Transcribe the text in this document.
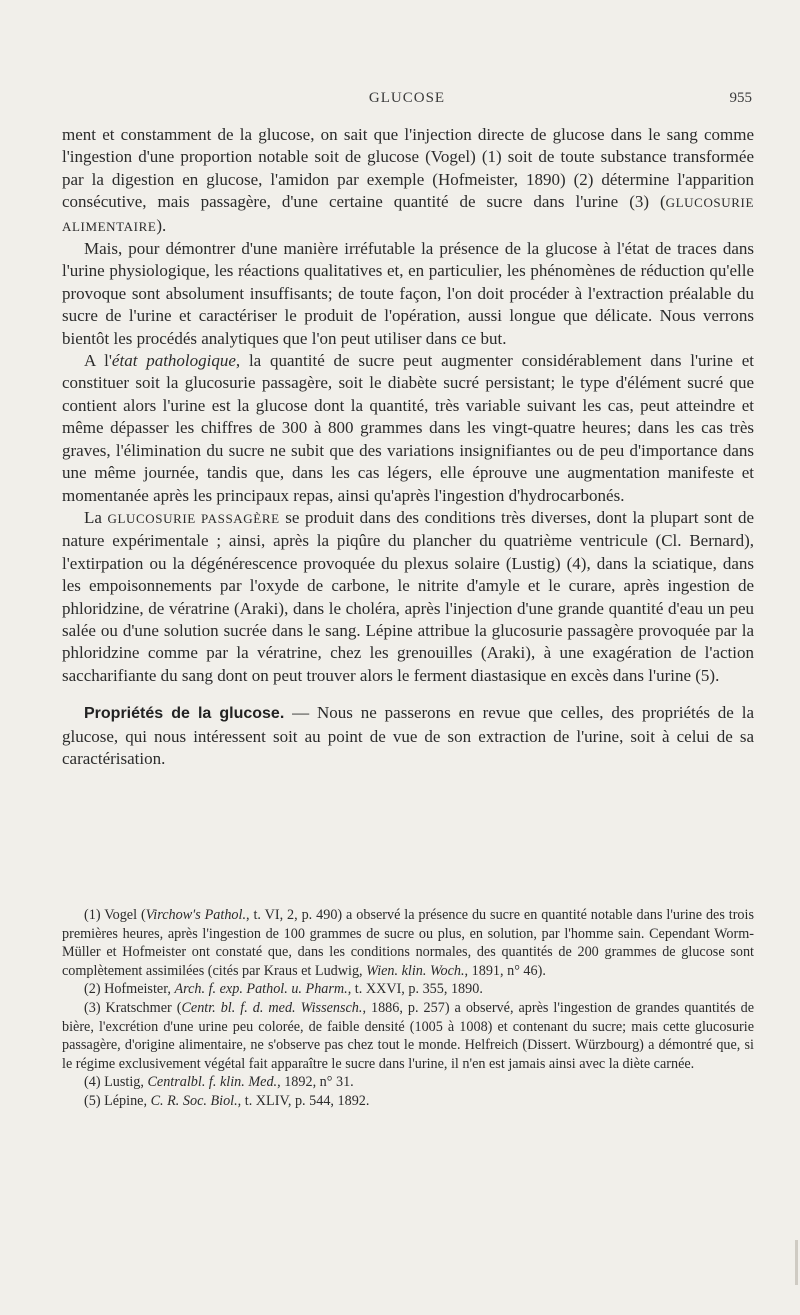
GLUCOSE	955

ment et constamment de la glucose, on sait que l'injection directe de glucose dans le sang comme l'ingestion d'une proportion notable soit de glucose (Vogel) (1) soit de toute substance transformée par la digestion en glucose, l'amidon par exemple (Hofmeister, 1890) (2) détermine l'apparition consécutive, mais passagère, d'une certaine quantité de sucre dans l'urine (3) (GLUCOSURIE ALIMENTAIRE).

Mais, pour démontrer d'une manière irréfutable la présence de la glucose à l'état de traces dans l'urine physiologique, les réactions qualitatives et, en particulier, les phénomènes de réduction qu'elle provoque sont absolument insuffisants; de toute façon, l'on doit procéder à l'extraction préalable du sucre de l'urine et caractériser le produit de l'opération, aussi longue que délicate. Nous verrons bientôt les procédés analytiques que l'on peut utiliser dans ce but.

A l'état pathologique, la quantité de sucre peut augmenter considérablement dans l'urine et constituer soit la glucosurie passagère, soit le diabète sucré persistant; le type d'élément sucré que contient alors l'urine est la glucose dont la quantité, très variable suivant les cas, peut atteindre et même dépasser les chiffres de 300 à 800 grammes dans les vingt-quatre heures; dans les cas très graves, l'élimination du sucre ne subit que des variations insignifiantes ou de peu d'importance dans une même journée, tandis que, dans les cas légers, elle éprouve une augmentation manifeste et momentanée après les principaux repas, ainsi qu'après l'ingestion d'hydrocarbonés.

La GLUCOSURIE PASSAGÈRE se produit dans des conditions très diverses, dont la plupart sont de nature expérimentale ; ainsi, après la piqûre du plancher du quatrième ventricule (Cl. Bernard), l'extirpation ou la dégénérescence provoquée du plexus solaire (Lustig) (4), dans la sciatique, dans les empoisonnements par l'oxyde de carbone, le nitrite d'amyle et le curare, après ingestion de phloridzine, de vératrine (Araki), dans le choléra, après l'injection d'une grande quantité d'eau un peu salée ou d'une solution sucrée dans le sang. Lépine attribue la glucosurie passagère provoquée par la phloridzine comme par la vératrine, chez les grenouilles (Araki), à une exagération de l'action saccharifiante du sang dont on peut trouver alors le ferment diastasique en excès dans l'urine (5).

Propriétés de la glucose. — Nous ne passerons en revue que celles, des propriétés de la glucose, qui nous intéressent soit au point de vue de son extraction de l'urine, soit à celui de sa caractérisation.

(1) Vogel (Virchow's Pathol., t. VI, 2, p. 490) a observé la présence du sucre en quantité notable dans l'urine des trois premières heures, après l'ingestion de 100 grammes de sucre ou plus, en solution, par l'homme sain. Cependant Worm-Müller et Hofmeister ont constaté que, dans les conditions normales, des quantités de 200 grammes de glucose sont complètement assimilées (cités par Kraus et Ludwig, Wien. klin. Woch., 1891, n° 46).

(2) Hofmeister, Arch. f. exp. Pathol. u. Pharm., t. XXVI, p. 355, 1890.

(3) Kratschmer (Centr. bl. f. d. med. Wissensch., 1886, p. 257) a observé, après l'ingestion de grandes quantités de bière, l'excrétion d'une urine peu colorée, de faible densité (1005 à 1008) et contenant du sucre; mais cette glucosurie passagère, d'origine alimentaire, ne s'observe pas chez tout le monde. Helfreich (Dissert. Würzbourg) a démontré que, si le régime exclusivement végétal fait apparaître le sucre dans l'urine, il n'en est jamais ainsi avec la diète carnée.

(4) Lustig, Centralbl. f. klin. Med., 1892, n° 31.

(5) Lépine, C. R. Soc. Biol., t. XLIV, p. 544, 1892.
